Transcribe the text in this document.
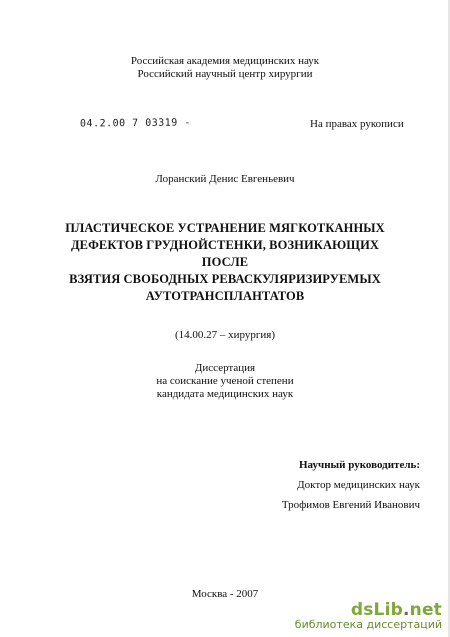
Российская академия медицинских наук
Российский научный центр хирургии
04.2.00 7 03319 -	На правах рукописи
Лоранский Денис Евгеньевич
ПЛАСТИЧЕСКОЕ УСТРАНЕНИЕ МЯГКОТКАННЫХ
ДЕФЕКТОВ ГРУДНОЙСТЕНКИ, ВОЗНИКАЮЩИХ ПОСЛЕ
ВЗЯТИЯ СВОБОДНЫХ РЕВАСКУЛЯРИЗИРУЕМЫХ
АУТОТРАНСПЛАНТАТОВ
(14.00.27 – хирургия)
Диссертация
на соискание ученой степени
кандидата медицинских наук
Научный руководитель:
Доктор медицинских наук
Трофимов Евгений Иванович
Москва - 2007
dsLib.net
библиотека диссертаций
